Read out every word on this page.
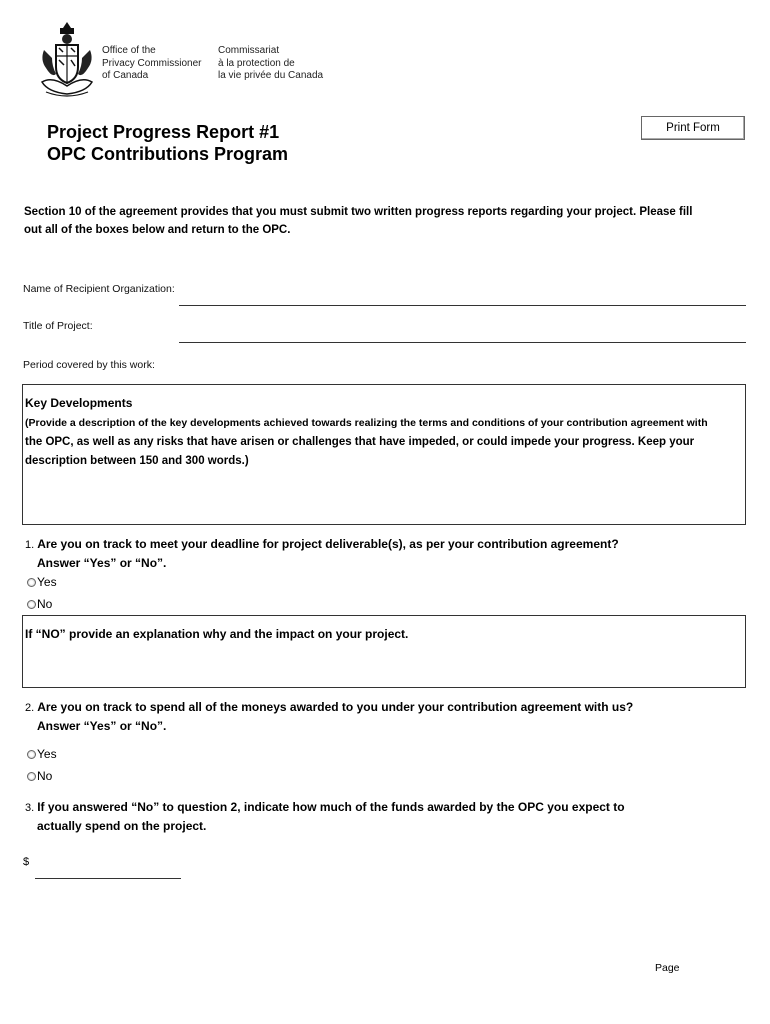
Office of the
Privacy Commissioner
of Canada
Commissariat
à la protection de
la vie privée du Canada
Project Progress Report #1
OPC Contributions Program
Print Form
Section 10 of the agreement provides that you must submit two written progress reports regarding your project. Please fill
out all of the boxes below and return to the OPC.
Name of Recipient Organization:
Title of Project:
Period covered by this work:
Key Developments
(Provide a description of the key developments achieved towards realizing the terms and conditions of your contribution agreement with
the OPC, as well as any risks that have arisen or challenges that have impeded, or could impede your progress. Keep your
description between 150 and 300 words.)
1. Are you on track to meet your deadline for project deliverable(s), as per your contribution agreement?
Answer “Yes” or “No”.
Yes
No
If “NO” provide an explanation why and the impact on your project.
2. Are you on track to spend all of the moneys awarded to you under your contribution agreement with us?
Answer “Yes” or “No”.
Yes
No
3. If you answered “No” to question 2, indicate how much of the funds awarded by the OPC you expect to
actually spend on the project.
$
Page
